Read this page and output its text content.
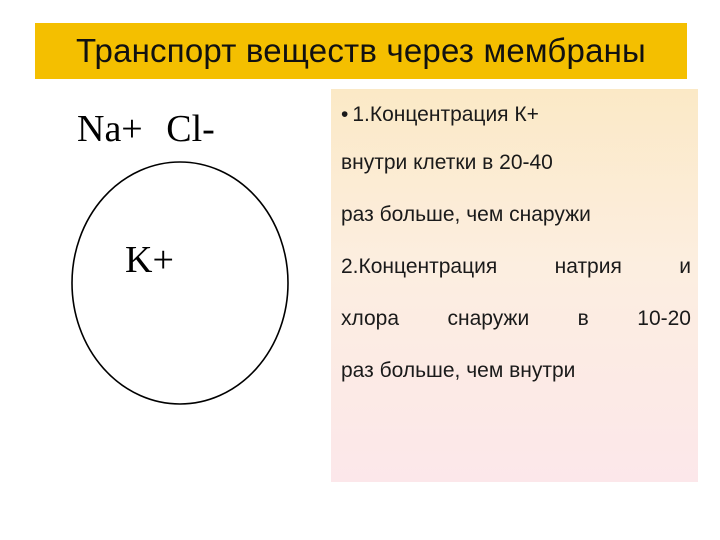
Транспорт веществ через мембраны
Na+ Cl-
K+
• 1.Концентрация К+
внутри клетки в 20-40
раз больше, чем снаружи
2.Концентрация натрия и
хлора снаружи в 10-20
раз больше, чем внутри
